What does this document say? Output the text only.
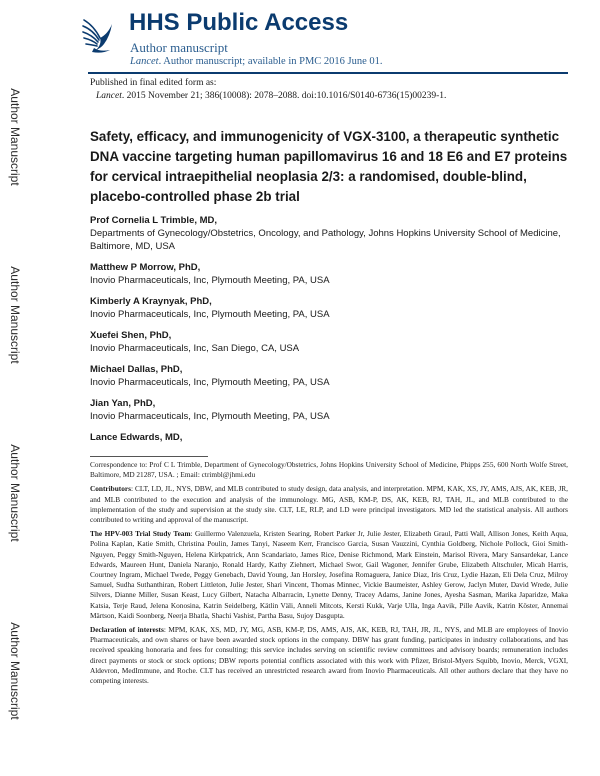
HHS Public Access
Author manuscript
Lancet. Author manuscript; available in PMC 2016 June 01.
Published in final edited form as:
Lancet. 2015 November 21; 386(10008): 2078–2088. doi:10.1016/S0140-6736(15)00239-1.
Author Manuscript
Author Manuscript
Author Manuscript
Author Manuscript
Safety, efficacy, and immunogenicity of VGX-3100, a therapeutic synthetic DNA vaccine targeting human papillomavirus 16 and 18 E6 and E7 proteins for cervical intraepithelial neoplasia 2/3: a randomised, double-blind, placebo-controlled phase 2b trial
Prof Cornelia L Trimble, MD,
Departments of Gynecology/Obstetrics, Oncology, and Pathology, Johns Hopkins University School of Medicine, Baltimore, MD, USA
Matthew P Morrow, PhD,
Inovio Pharmaceuticals, Inc, Plymouth Meeting, PA, USA
Kimberly A Kraynyak, PhD,
Inovio Pharmaceuticals, Inc, Plymouth Meeting, PA, USA
Xuefei Shen, PhD,
Inovio Pharmaceuticals, Inc, San Diego, CA, USA
Michael Dallas, PhD,
Inovio Pharmaceuticals, Inc, Plymouth Meeting, PA, USA
Jian Yan, PhD,
Inovio Pharmaceuticals, Inc, Plymouth Meeting, PA, USA
Lance Edwards, MD,
Correspondence to: Prof C L Trimble, Department of Gynecology/Obstetrics, Johns Hopkins University School of Medicine, Phipps 255, 600 North Wolfe Street, Baltimore, MD 21287, USA. ; Email: ctrimbl@jhmi.edu
Contributors: CLT, LD, JL, NYS, DBW, and MLB contributed to study design, data analysis, and interpretation. MPM, KAK, XS, JY, AMS, AJS, AK, KEB, JR, and MLB contributed to the execution and analysis of the immunology. MG, ASB, KM-P, DS, AK, KEB, RJ, TAH, JL, and MLB contributed to the implementation of the study and supervision at the study site. CLT, LE, RLP, and LD were principal investigators. MD led the statistical analysis. All authors contributed to writing and approval of the manuscript.
The HPV-003 Trial Study Team: Guillermo Valenzuela, Kristen Searing, Robert Parker Jr, Julie Jester, Elizabeth Graul, Patti Wall, Allison Jones, Keith Aqua, Polina Kaplan, Katie Smith, Christina Poulin, James Tanyi, Naseem Kerr, Francisco Garcia, Susan Vauzzini, Cynthia Goldberg, Nichole Pollock, Gioi Smith-Nguyen, Peggy Smith-Nguyen, Helena Kirkpatrick, Ann Scandariato, James Rice, Denise Richmond, Mark Einstein, Marisol Rivera, Mary Sansardekar, Lance Edwards, Maureen Hunt, Daniela Naranjo, Ronald Hardy, Kathy Ziehnert, Michael Swor, Gail Wagoner, Jennifer Grube, Elizabeth Altschuler, Micah Harris, Courtney Ingram, Michael Twede, Peggy Genebach, David Young, Jan Horsley, Josefina Romaguera, Janice Diaz, Iris Cruz, Lydie Hazan, Eli Dela Cruz, Milroy Samuel, Sudha Suthanthiran, Robert Littleton, Julie Jester, Shari Vincent, Thomas Minnec, Vickie Baumeister, Ashley Gerow, Jaclyn Muter, David Wrede, Julie Silvers, Dianne Miller, Susan Keast, Lucy Gilbert, Natacha Albarracin, Lynette Denny, Tracey Adams, Janine Jones, Ayesha Sasman, Marika Japaridze, Maka Katsia, Terje Raud, Jelena Konosina, Katrin Seidelberg, Kätlin Väli, Anneli Mitcots, Kersti Kukk, Varje Ulla, Inga Aavik, Pille Aavik, Katrin Köster, Annemai Märtson, Kaidi Soonberg, Neerja Bhatla, Shachi Vashist, Partha Basu, Sujoy Dasgupta.
Declaration of interests: MPM, KAK, XS, MD, JY, MG, ASB, KM-P, DS, AMS, AJS, AK, KEB, RJ, TAH, JR, JL, NYS, and MLB are employees of Inovio Pharmaceuticals, and own shares or have been awarded stock options in the company. DBW has grant funding, participates in industry collaborations, and has received speaking honoraria and fees for consulting; this service includes serving on scientific review committees and advisory boards; remuneration includes direct payments or stock or stock options; DBW reports potential conflicts associated with this work with Pfizer, Bristol-Myers Squibb, Inovio, Merck, VGXI, Aldevron, MedImmune, and Roche. CLT has received an unrestricted research award from Inovio Pharmaceuticals. All other authors declare that they have no competing interests.
